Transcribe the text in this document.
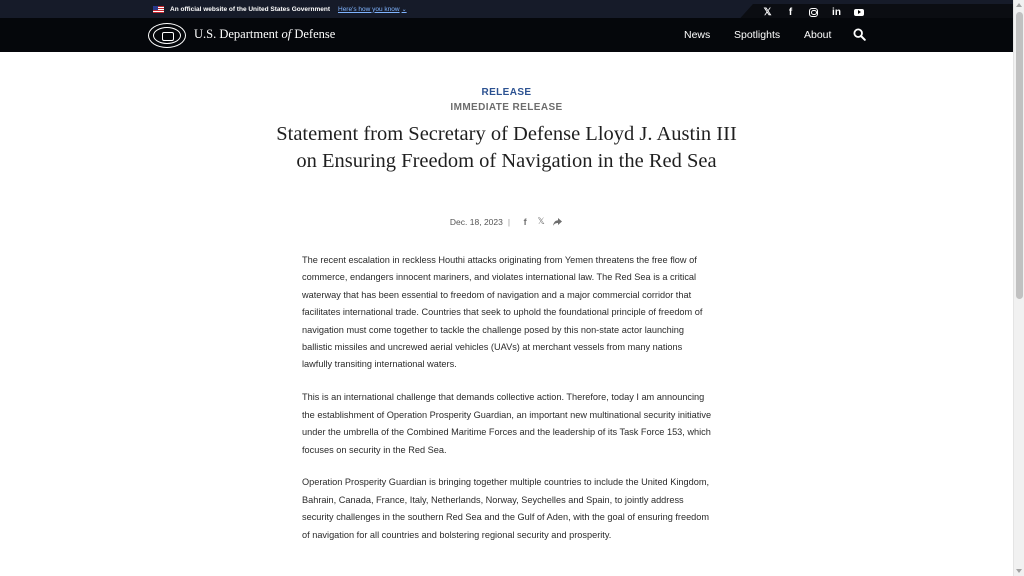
An official website of the United States Government Here's how you know ⌄	𝕏	f	in
U.S. Department of Defense	News Spotlights About
RELEASE
IMMEDIATE RELEASE
Statement from Secretary of Defense Lloyd J. Austin III on Ensuring Freedom of Navigation in the Red Sea
Dec. 18, 2023 |	f	𝕏

The recent escalation in reckless Houthi attacks originating from Yemen threatens the free flow of commerce, endangers innocent mariners, and violates international law. The Red Sea is a critical waterway that has been essential to freedom of navigation and a major commercial corridor that facilitates international trade. Countries that seek to uphold the foundational principle of freedom of navigation must come together to tackle the challenge posed by this non-state actor launching ballistic missiles and uncrewed aerial vehicles (UAVs) at merchant vessels from many nations lawfully transiting international waters.

This is an international challenge that demands collective action. Therefore, today I am announcing the establishment of Operation Prosperity Guardian, an important new multinational security initiative under the umbrella of the Combined Maritime Forces and the leadership of its Task Force 153, which focuses on security in the Red Sea.

Operation Prosperity Guardian is bringing together multiple countries to include the United Kingdom, Bahrain, Canada, France, Italy, Netherlands, Norway, Seychelles and Spain, to jointly address security challenges in the southern Red Sea and the Gulf of Aden, with the goal of ensuring freedom of navigation for all countries and bolstering regional security and prosperity.
